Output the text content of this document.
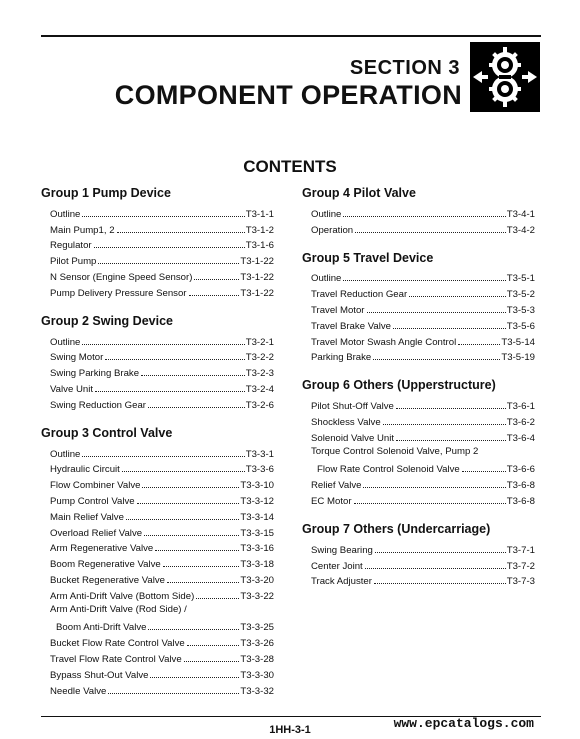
SECTION 3
COMPONENT OPERATION
CONTENTS
Group 1 Pump Device
Outline	T3-1-1
Main Pump1, 2	T3-1-2
Regulator	T3-1-6
Pilot Pump	T3-1-22
N Sensor (Engine Speed Sensor)	T3-1-22
Pump Delivery Pressure Sensor	T3-1-22
Group 2 Swing Device
Outline	T3-2-1
Swing Motor	T3-2-2
Swing Parking Brake	T3-2-3
Valve Unit	T3-2-4
Swing Reduction Gear	T3-2-6
Group 3 Control Valve
Outline	T3-3-1
Hydraulic Circuit	T3-3-6
Flow Combiner Valve	T3-3-10
Pump Control Valve	T3-3-12
Main Relief Valve	T3-3-14
Overload Relief Valve	T3-3-15
Arm Regenerative Valve	T3-3-16
Boom Regenerative Valve	T3-3-18
Bucket Regenerative Valve	T3-3-20
Arm Anti-Drift Valve (Bottom Side)	T3-3-22
Arm Anti-Drift Valve (Rod Side) /
Boom Anti-Drift Valve	T3-3-25
Bucket Flow Rate Control Valve	T3-3-26
Travel Flow Rate Control Valve	T3-3-28
Bypass Shut-Out Valve	T3-3-30
Needle Valve	T3-3-32
Group 4 Pilot Valve
Outline	T3-4-1
Operation	T3-4-2
Group 5 Travel Device
Outline	T3-5-1
Travel Reduction Gear	T3-5-2
Travel Motor	T3-5-3
Travel Brake Valve	T3-5-6
Travel Motor Swash Angle Control	T3-5-14
Parking Brake	T3-5-19
Group 6 Others (Upperstructure)
Pilot Shut-Off Valve	T3-6-1
Shockless Valve	T3-6-2
Solenoid Valve Unit	T3-6-4
Torque Control Solenoid Valve, Pump 2
Flow Rate Control Solenoid Valve	T3-6-6
Relief Valve	T3-6-8
EC Motor	T3-6-8
Group 7 Others (Undercarriage)
Swing Bearing	T3-7-1
Center Joint	T3-7-2
Track Adjuster	T3-7-3
1HH-3-1	www.epcatalogs.com
